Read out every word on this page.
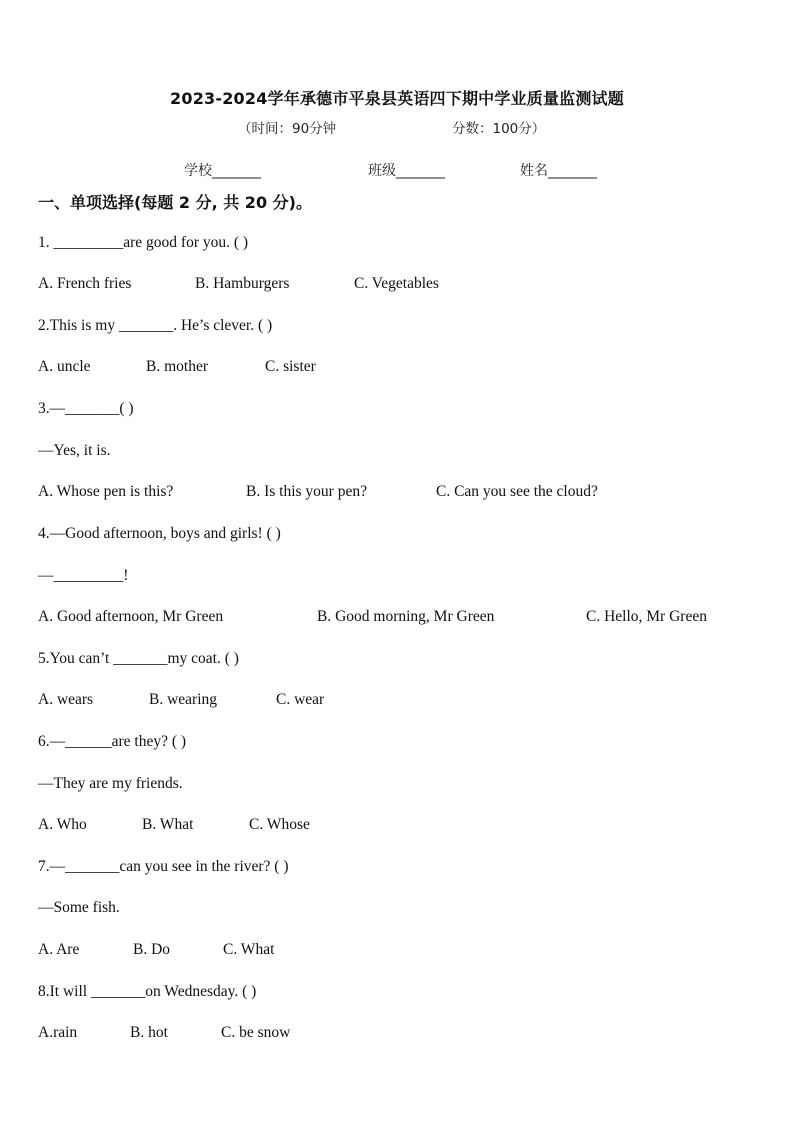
2023-2024学年承德市平泉县英语四下期中学业质量监测试题
（时间：90分钟	分数：100分）
学校_______	班级_______	姓名_______
一、单项选择(每题 2 分, 共 20 分)。
1. _________are good for you. ( )
A. French fries	B. Hamburgers	C. Vegetables
2.This is my _______. He’s clever. ( )
A. uncle	B. mother	C. sister
3.—_______( )
—Yes, it is.
A. Whose pen is this?	B. Is this your pen?	C. Can you see the cloud?
4.—Good afternoon, boys and girls! ( )
—_________!
A. Good afternoon, Mr Green	B. Good morning, Mr Green	C. Hello, Mr Green
5.You can’t _______my coat. ( )
A. wears	B. wearing	C. wear
6.—______are they? ( )
—They are my friends.
A. Who	B. What	C. Whose
7.—_______can you see in the river? ( )
—Some fish.
A. Are	B. Do	C. What
8.It will _______on Wednesday. ( )
A.rain	B. hot	C. be snow
